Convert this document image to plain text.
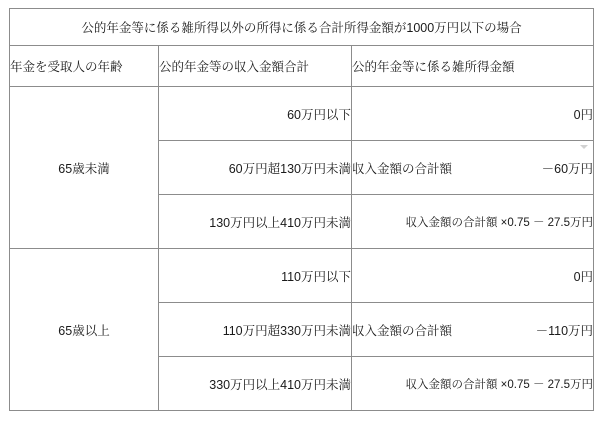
公的年金等に係る雑所得以外の所得に係る合計所得金額が1000万円以下の場合		
年金を受取人の年齢	公的年金等の収入金額合計	公的年金等に係る雑所得金額
65歳未満	60万円以下	0円

	60万円超130万円未満	収入金額の合計額 －60万円

	130万円以上410万円未満	収入金額の合計額 ×0.75 － 27.5万円

65歳以上	110万円以下	0円

	110万円超330万円未満	収入金額の合計額 －110万円

	330万円以上410万円未満	収入金額の合計額 ×0.75 － 27.5万円
